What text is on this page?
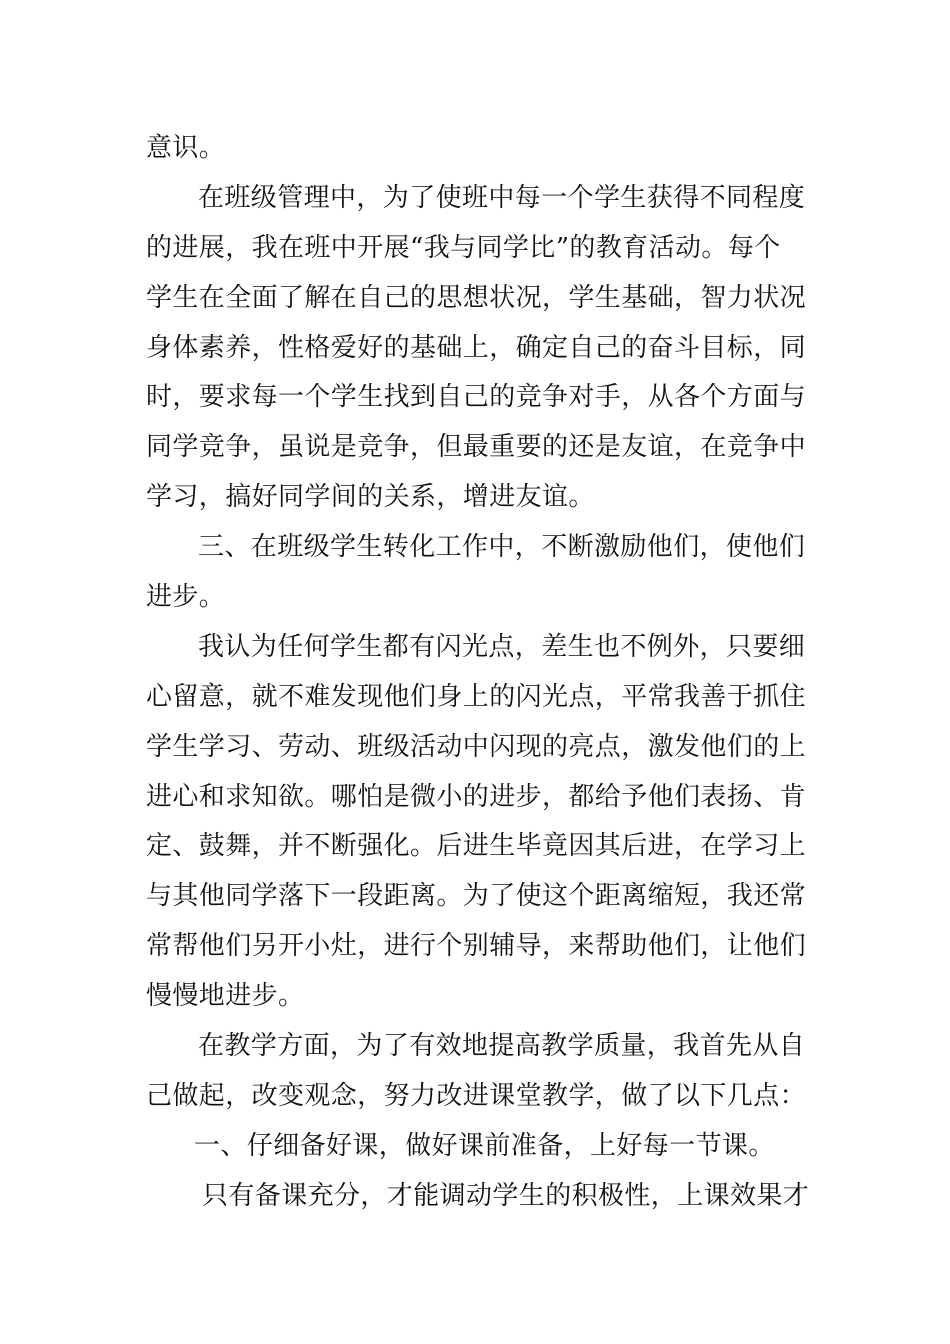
意识。
在班级管理中，为了使班中每一个学生获得不同程度
的进展，我在班中开展“我与同学比”的教育活动。每个
学生在全面了解在自己的思想状况，学生基础，智力状况
身体素养，性格爱好的基础上，确定自己的奋斗目标，同
时，要求每一个学生找到自己的竞争对手，从各个方面与
同学竞争，虽说是竞争，但最重要的还是友谊，在竞争中
学习，搞好同学间的关系，增进友谊。
三、在班级学生转化工作中，不断激励他们，使他们
进步。
我认为任何学生都有闪光点，差生也不例外，只要细
心留意，就不难发现他们身上的闪光点，平常我善于抓住
学生学习、劳动、班级活动中闪现的亮点，激发他们的上
进心和求知欲。哪怕是微小的进步，都给予他们表扬、肯
定、鼓舞，并不断强化。后进生毕竟因其后进，在学习上
与其他同学落下一段距离。为了使这个距离缩短，我还常
常帮他们另开小灶，进行个别辅导，来帮助他们，让他们
慢慢地进步。
在教学方面，为了有效地提高教学质量，我首先从自
己做起，改变观念，努力改进课堂教学，做了以下几点：
一、仔细备好课，做好课前准备，上好每一节课。
只有备课充分，才能调动学生的积极性，上课效果才
